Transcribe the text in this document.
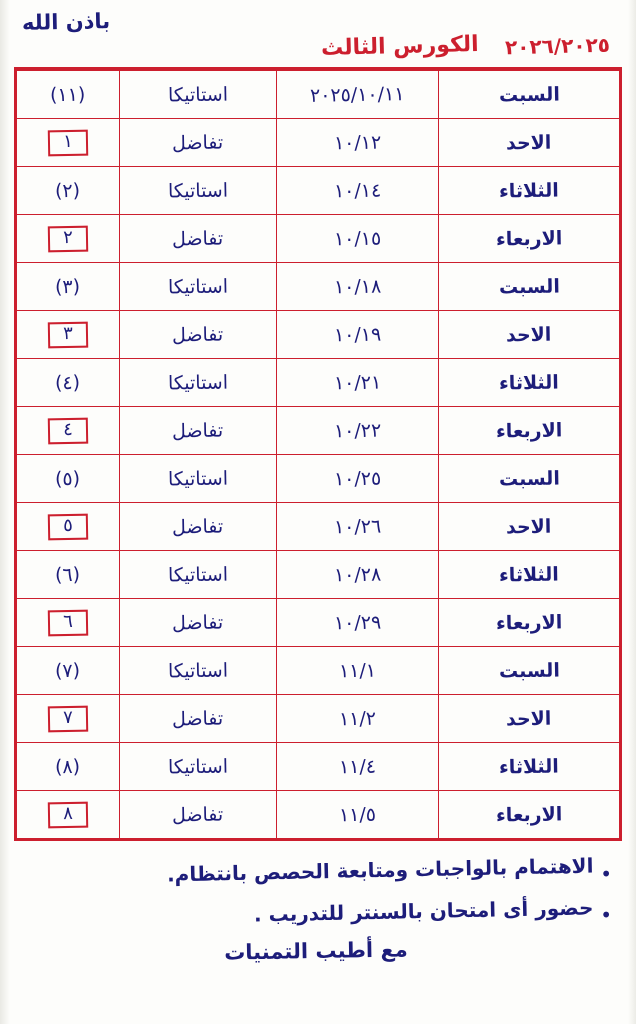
باذن الله
الكورس الثالث ٢٠٢٦/٢٠٢٥
السبت	٢٠٢٥/١٠/١١	استاتيكا	(١١)
الاحد	١٠/١٢	تفاضل	١
الثلاثاء	١٠/١٤	استاتيكا	(٢)
الاربعاء	١٠/١٥	تفاضل	٢
السبت	١٠/١٨	استاتيكا	(٣)
الاحد	١٠/١٩	تفاضل	٣
الثلاثاء	١٠/٢١	استاتيكا	(٤)
الاربعاء	١٠/٢٢	تفاضل	٤
السبت	١٠/٢٥	استاتيكا	(٥)
الاحد	١٠/٢٦	تفاضل	٥
الثلاثاء	١٠/٢٨	استاتيكا	(٦)
الاربعاء	١٠/٢٩	تفاضل	٦
السبت	١١/١	استاتيكا	(٧)
الاحد	١١/٢	تفاضل	٧
الثلاثاء	١١/٤	استاتيكا	(٨)
الاربعاء	١١/٥	تفاضل	٨
•
الاهتمام بالواجبات ومتابعة الحصص بانتظام.
•
حضور أى امتحان بالسنتر للتدريب .
مع أطيب التمنيات
